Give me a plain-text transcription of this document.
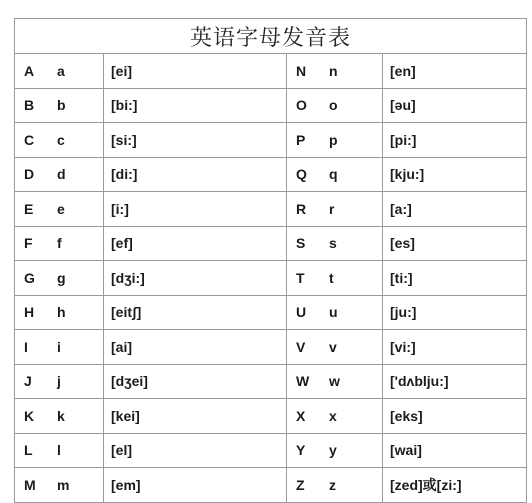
英语字母发音表			

A a	[ei]	N n	[en]

B b	[bi:]	O o	[əu]

C c	[si:]	P p	[pi:]

D d	[di:]	Q q	[kju:]

E e	[i:]	R r	[a:]

F f	[ef]	S s	[es]

G g	[dʒi:]	T t	[ti:]

H h	[eitʃ]	U u	[ju:]

I i	[ai]	V v	[vi:]

J j	[dʒei]	W w	['dʌblju:]

K k	[kei]	X x	[eks]

L l	[el]	Y y	[wai]

M m	[em]	Z z	[zed]或[zi:]
